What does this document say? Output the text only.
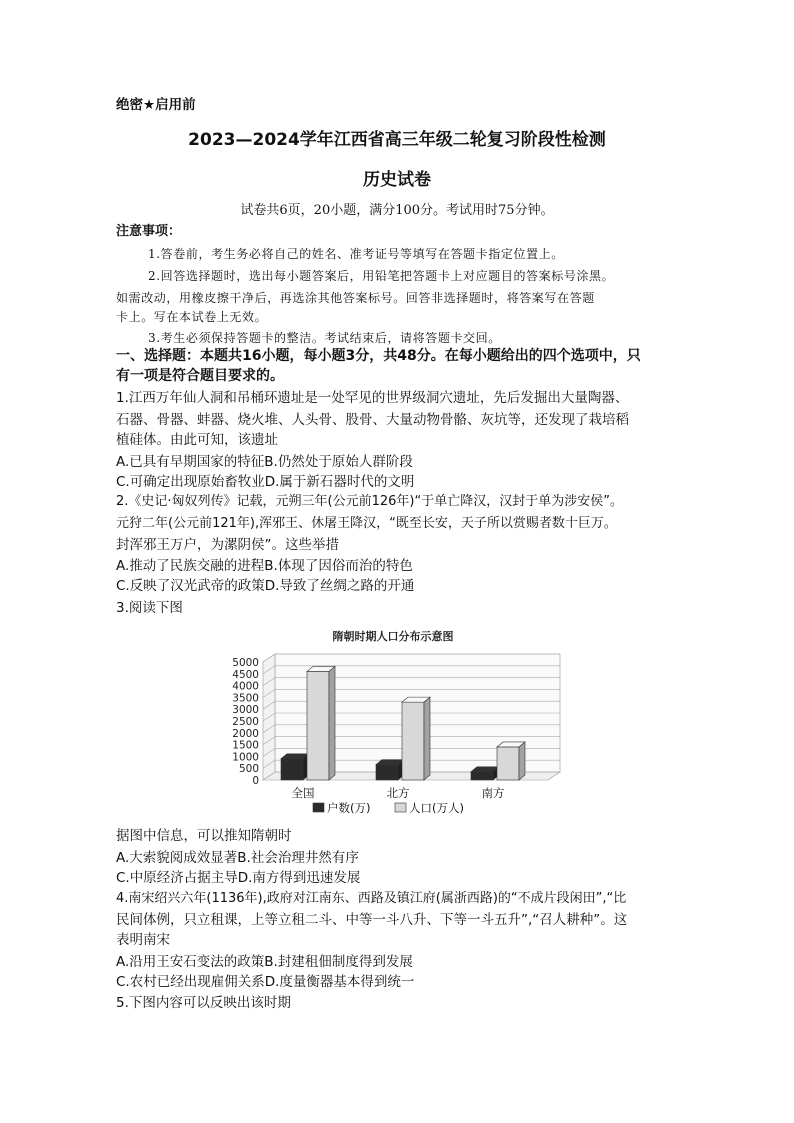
绝密★启用前
2023—2024学年江西省高三年级二轮复习阶段性检测
历史试卷
试卷共6页，20小题，满分100分。考试用时75分钟。
注意事项：
1.答卷前，考生务必将自己的姓名、准考证号等填写在答题卡指定位置上。
2.回答选择题时，选出每小题答案后，用铅笔把答题卡上对应题目的答案标号涂黑。
如需改动，用橡皮擦干净后，再选涂其他答案标号。回答非选择题时，将答案写在答题
卡上。写在本试卷上无效。
3.考生必须保持答题卡的整洁。考试结束后，请将答题卡交回。
一、选择题：本题共16小题，每小题3分，共48分。在每小题给出的四个选项中，只
有一项是符合题目要求的。
1.江西万年仙人洞和吊桶环遗址是一处罕见的世界级洞穴遗址，先后发掘出大量陶器、
石器、骨器、蚌器、烧火堆、人头骨、股骨、大量动物骨骼、灰坑等，还发现了栽培稻
植硅体。由此可知，该遗址
A.已具有早期国家的特征B.仍然处于原始人群阶段
C.可确定出现原始畜牧业D.属于新石器时代的文明
2.《史记·匈奴列传》记载，元朔三年(公元前126年)“于单亡降汉，汉封于单为涉安侯”。
元狩二年(公元前121年),浑邪王、休屠王降汉，“既至长安，天子所以赏赐者数十巨万。
封浑邪王万户，为漯阴侯”。这些举措
A.推动了民族交融的进程B.体现了因俗而治的特色
C.反映了汉光武帝的政策D.导致了丝绸之路的开通
3.阅读下图
隋朝时期人口分布示意图
0
500
1000
1500
2000
2500
3000
3500
4000
4500
5000
全国	北方	南方
户数(万)	人口(万人)
据图中信息，可以推知隋朝时
A.大索貌阅成效显著B.社会治理井然有序
C.中原经济占据主导D.南方得到迅速发展
4.南宋绍兴六年(1136年),政府对江南东、西路及镇江府(属浙西路)的“不成片段闲田”,“比
民间体例，只立租课，上等立租二斗、中等一斗八升、下等一斗五升”,“召人耕种”。这
表明南宋
A.沿用王安石变法的政策B.封建租佃制度得到发展
C.农村已经出现雇佣关系D.度量衡器基本得到统一
5.下图内容可以反映出该时期
